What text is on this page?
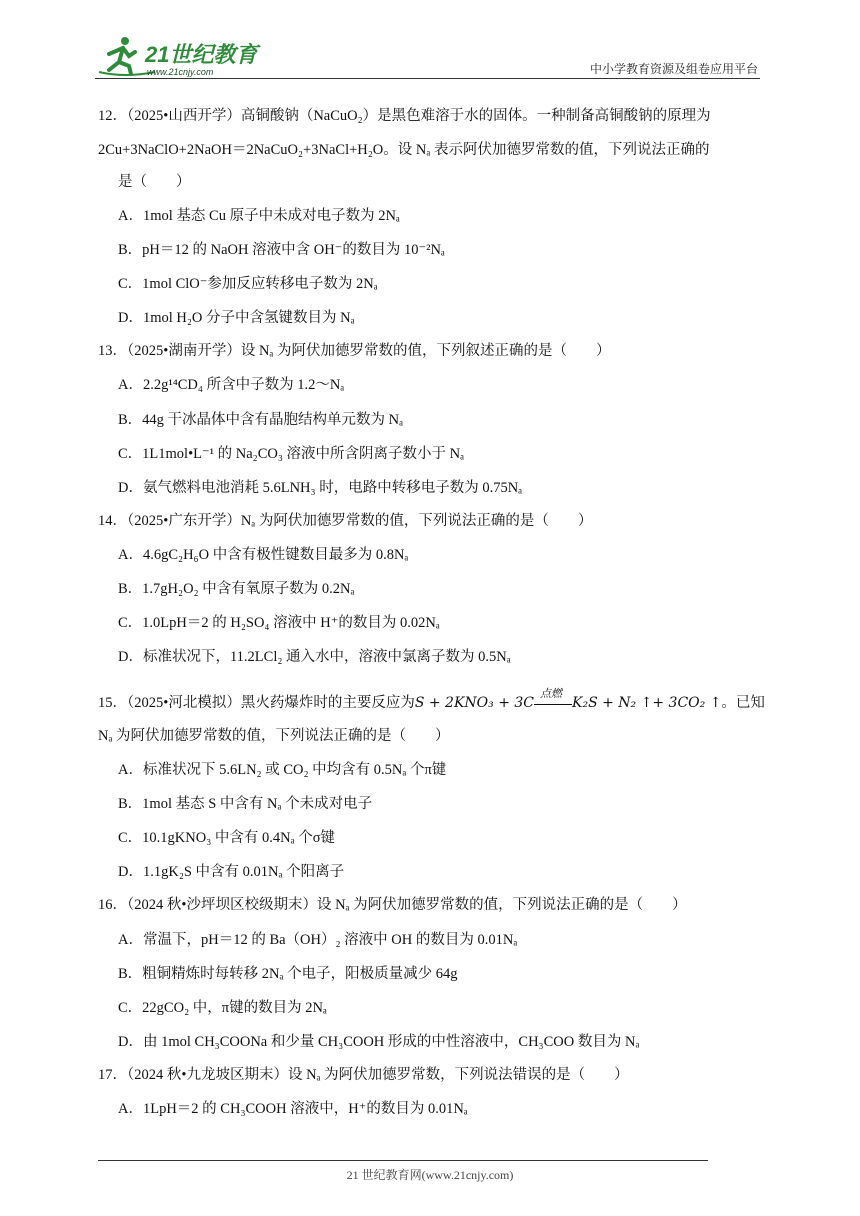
21世纪教育
www.21cnjy.com	中小学教育资源及组卷应用平台
12．（2025•山西开学）高铜酸钠（NaCuO₂）是黑色难溶于水的固体。一种制备高铜酸钠的原理为
2Cu+3NaClO+2NaOH＝2NaCuO₂+3NaCl+H₂O。设 Nₐ 表示阿伏加德罗常数的值，下列说法正确的
是（　　）
A．1mol 基态 Cu 原子中未成对电子数为 2Nₐ
B．pH＝12 的 NaOH 溶液中含 OH⁻的数目为 10⁻²Nₐ
C．1mol ClO⁻参加反应转移电子数为 2Nₐ
D．1mol H₂O 分子中含氢键数目为 Nₐ
13．（2025•湖南开学）设 Nₐ 为阿伏加德罗常数的值，下列叙述正确的是（　　）
A．2.2g¹⁴CD₄ 所含中子数为 1.2～Nₐ
B．44g 干冰晶体中含有晶胞结构单元数为 Nₐ
C．1L1mol•L⁻¹ 的 Na₂CO₃ 溶液中所含阴离子数小于 Nₐ
D．氨气燃料电池消耗 5.6LNH₃ 时，电路中转移电子数为 0.75Nₐ
14．（2025•广东开学）Nₐ 为阿伏加德罗常数的值，下列说法正确的是（　　）
A．4.6gC₂H₆O 中含有极性键数目最多为 0.8Nₐ
B．1.7gH₂O₂ 中含有氧原子数为 0.2Nₐ
C．1.0LpH＝2 的 H₂SO₄ 溶液中 H⁺的数目为 0.02Nₐ
D．标准状况下，11.2LCl₂ 通入水中，溶液中氯离子数为 0.5Nₐ
15．（2025•河北模拟）黑火药爆炸时的主要反应为S + 2KNO₃ + 3C
点燃
K₂S + N₂ ↑+ 3CO₂ ↑。已知
Nₐ 为阿伏加德罗常数的值，下列说法正确的是（　　）
A．标准状况下 5.6LN₂ 或 CO₂ 中均含有 0.5Nₐ 个π键
B．1mol 基态 S 中含有 Nₐ 个未成对电子
C．10.1gKNO₃ 中含有 0.4Nₐ 个σ键
D．1.1gK₂S 中含有 0.01Nₐ 个阳离子
16．（2024 秋•沙坪坝区校级期末）设 Nₐ 为阿伏加德罗常数的值，下列说法正确的是（　　）
A．常温下，pH＝12 的 Ba（OH）₂ 溶液中 OH 的数目为 0.01Nₐ
B．粗铜精炼时每转移 2Nₐ 个电子，阳极质量减少 64g
C．22gCO₂ 中，π键的数目为 2Nₐ
D．由 1mol CH₃COONa 和少量 CH₃COOH 形成的中性溶液中，CH₃COO 数目为 Nₐ
17．（2024 秋•九龙坡区期末）设 Nₐ 为阿伏加德罗常数，下列说法错误的是（　　）
A．1LpH＝2 的 CH₃COOH 溶液中，H⁺的数目为 0.01Nₐ
21 世纪教育网(www.21cnjy.com)
